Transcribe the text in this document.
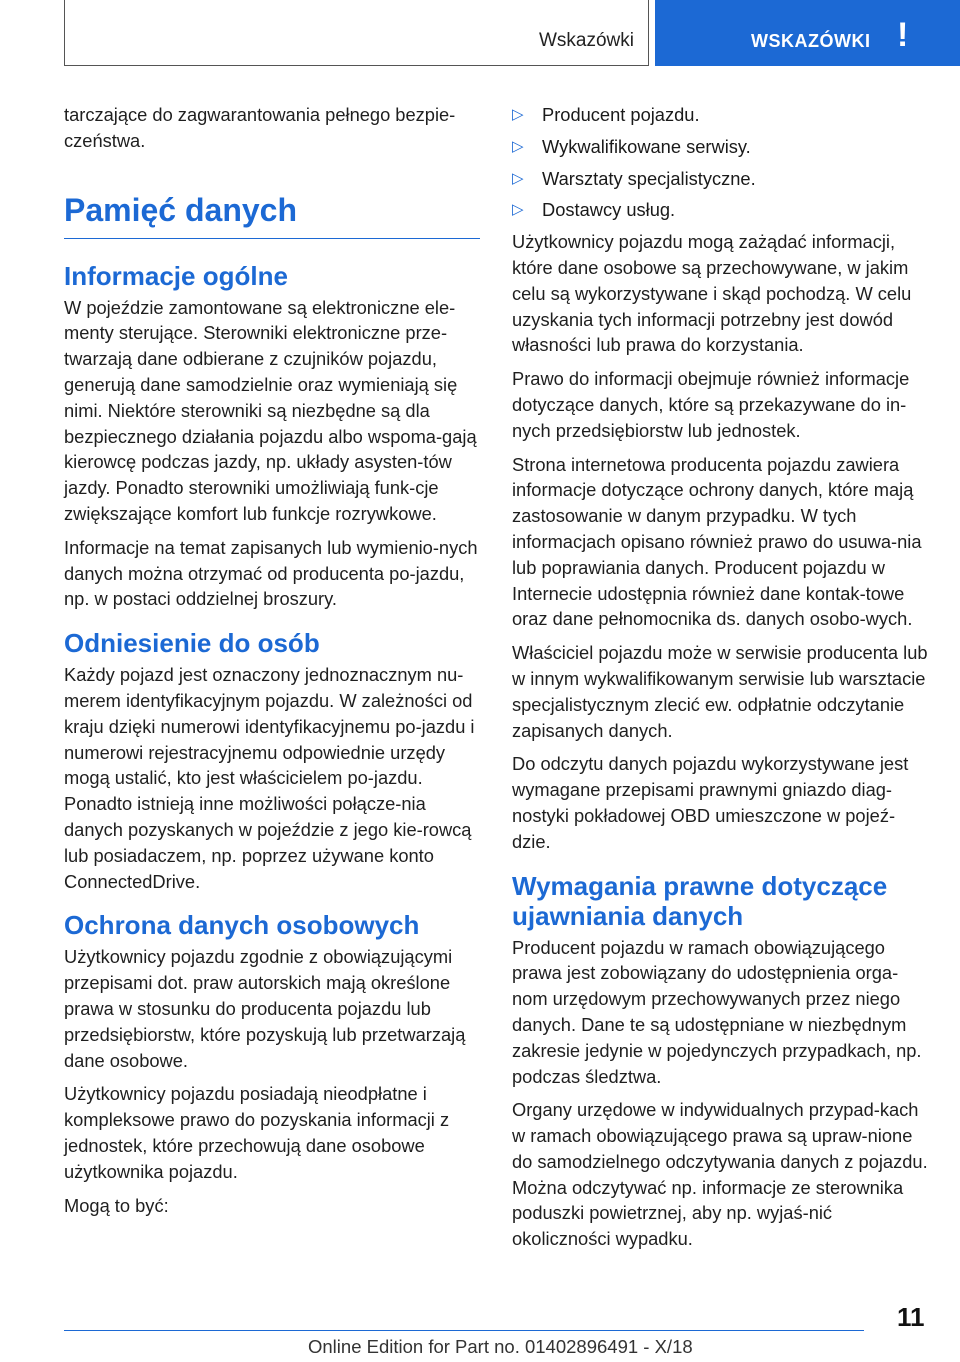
Wskazówki	WSKAZÓWKI !

tarczające do zagwarantowania pełnego bezpie-czeństwa.

Pamięć danych
Informacje ogólne

W pojeździe zamontowane są elektroniczne ele-menty sterujące. Sterowniki elektroniczne prze-twarzają dane odbierane z czujników pojazdu, generują dane samodzielnie oraz wymieniają się nimi. Niektóre sterowniki są niezbędne są dla bezpiecznego działania pojazdu albo wspoma-gają kierowcę podczas jazdy, np. układy asysten-tów jazdy. Ponadto sterowniki umożliwiają funk-cje zwiększające komfort lub funkcje rozrywkowe.

Informacje na temat zapisanych lub wymienio-nych danych można otrzymać od producenta po-jazdu, np. w postaci oddzielnej broszury.

Odniesienie do osób

Każdy pojazd jest oznaczony jednoznacznym nu-merem identyfikacyjnym pojazdu. W zależności od kraju dzięki numerowi identyfikacyjnemu po-jazdu i numerowi rejestracyjnemu odpowiednie urzędy mogą ustalić, kto jest właścicielem po-jazdu. Ponadto istnieją inne możliwości połącze-nia danych pozyskanych w pojeździe z jego kie-rowcą lub posiadaczem, np. poprzez używane konto ConnectedDrive.

Ochrona danych osobowych

Użytkownicy pojazdu zgodnie z obowiązującymi przepisami dot. praw autorskich mają określone prawa w stosunku do producenta pojazdu lub przedsiębiorstw, które pozyskują lub przetwarzają dane osobowe.

Użytkownicy pojazdu posiadają nieodpłatne i kompleksowe prawo do pozyskania informacji z jednostek, które przechowują dane osobowe użytkownika pojazdu.

Mogą to być:

▷ Producent pojazdu.
▷ Wykwalifikowane serwisy.
▷ Warsztaty specjalistyczne.
▷ Dostawcy usług.

Użytkownicy pojazdu mogą zażądać informacji, które dane osobowe są przechowywane, w jakim celu są wykorzystywane i skąd pochodzą. W celu uzyskania tych informacji potrzebny jest dowód własności lub prawa do korzystania.

Prawo do informacji obejmuje również informacje dotyczące danych, które są przekazywane do in-nych przedsiębiorstw lub jednostek.

Strona internetowa producenta pojazdu zawiera informacje dotyczące ochrony danych, które mają zastosowanie w danym przypadku. W tych informacjach opisano również prawo do usuwa-nia lub poprawiania danych. Producent pojazdu w Internecie udostępnia również dane kontak-towe oraz dane pełnomocnika ds. danych osobo-wych.

Właściciel pojazdu może w serwisie producenta lub w innym wykwalifikowanym serwisie lub warsztacie specjalistycznym zlecić ew. odpłatnie odczytanie zapisanych danych.

Do odczytu danych pojazdu wykorzystywane jest wymagane przepisami prawnymi gniazdo diag-nostyki pokładowej OBD umieszczone w pojeź-dzie.

Wymagania prawne dotyczące ujawniania danych

Producent pojazdu w ramach obowiązującego prawa jest zobowiązany do udostępnienia orga-nom urzędowym przechowywanych przez niego danych. Dane te są udostępniane w niezbędnym zakresie jedynie w pojedynczych przypadkach, np. podczas śledztwa.

Organy urzędowe w indywidualnych przypad-kach w ramach obowiązującego prawa są upraw-nione do samodzielnego odczytywania danych z pojazdu. Można odczytywać np. informacje ze sterownika poduszki powietrznej, aby np. wyjaś-nić okoliczności wypadku.

11
Online Edition for Part no. 01402896491 - X/18
